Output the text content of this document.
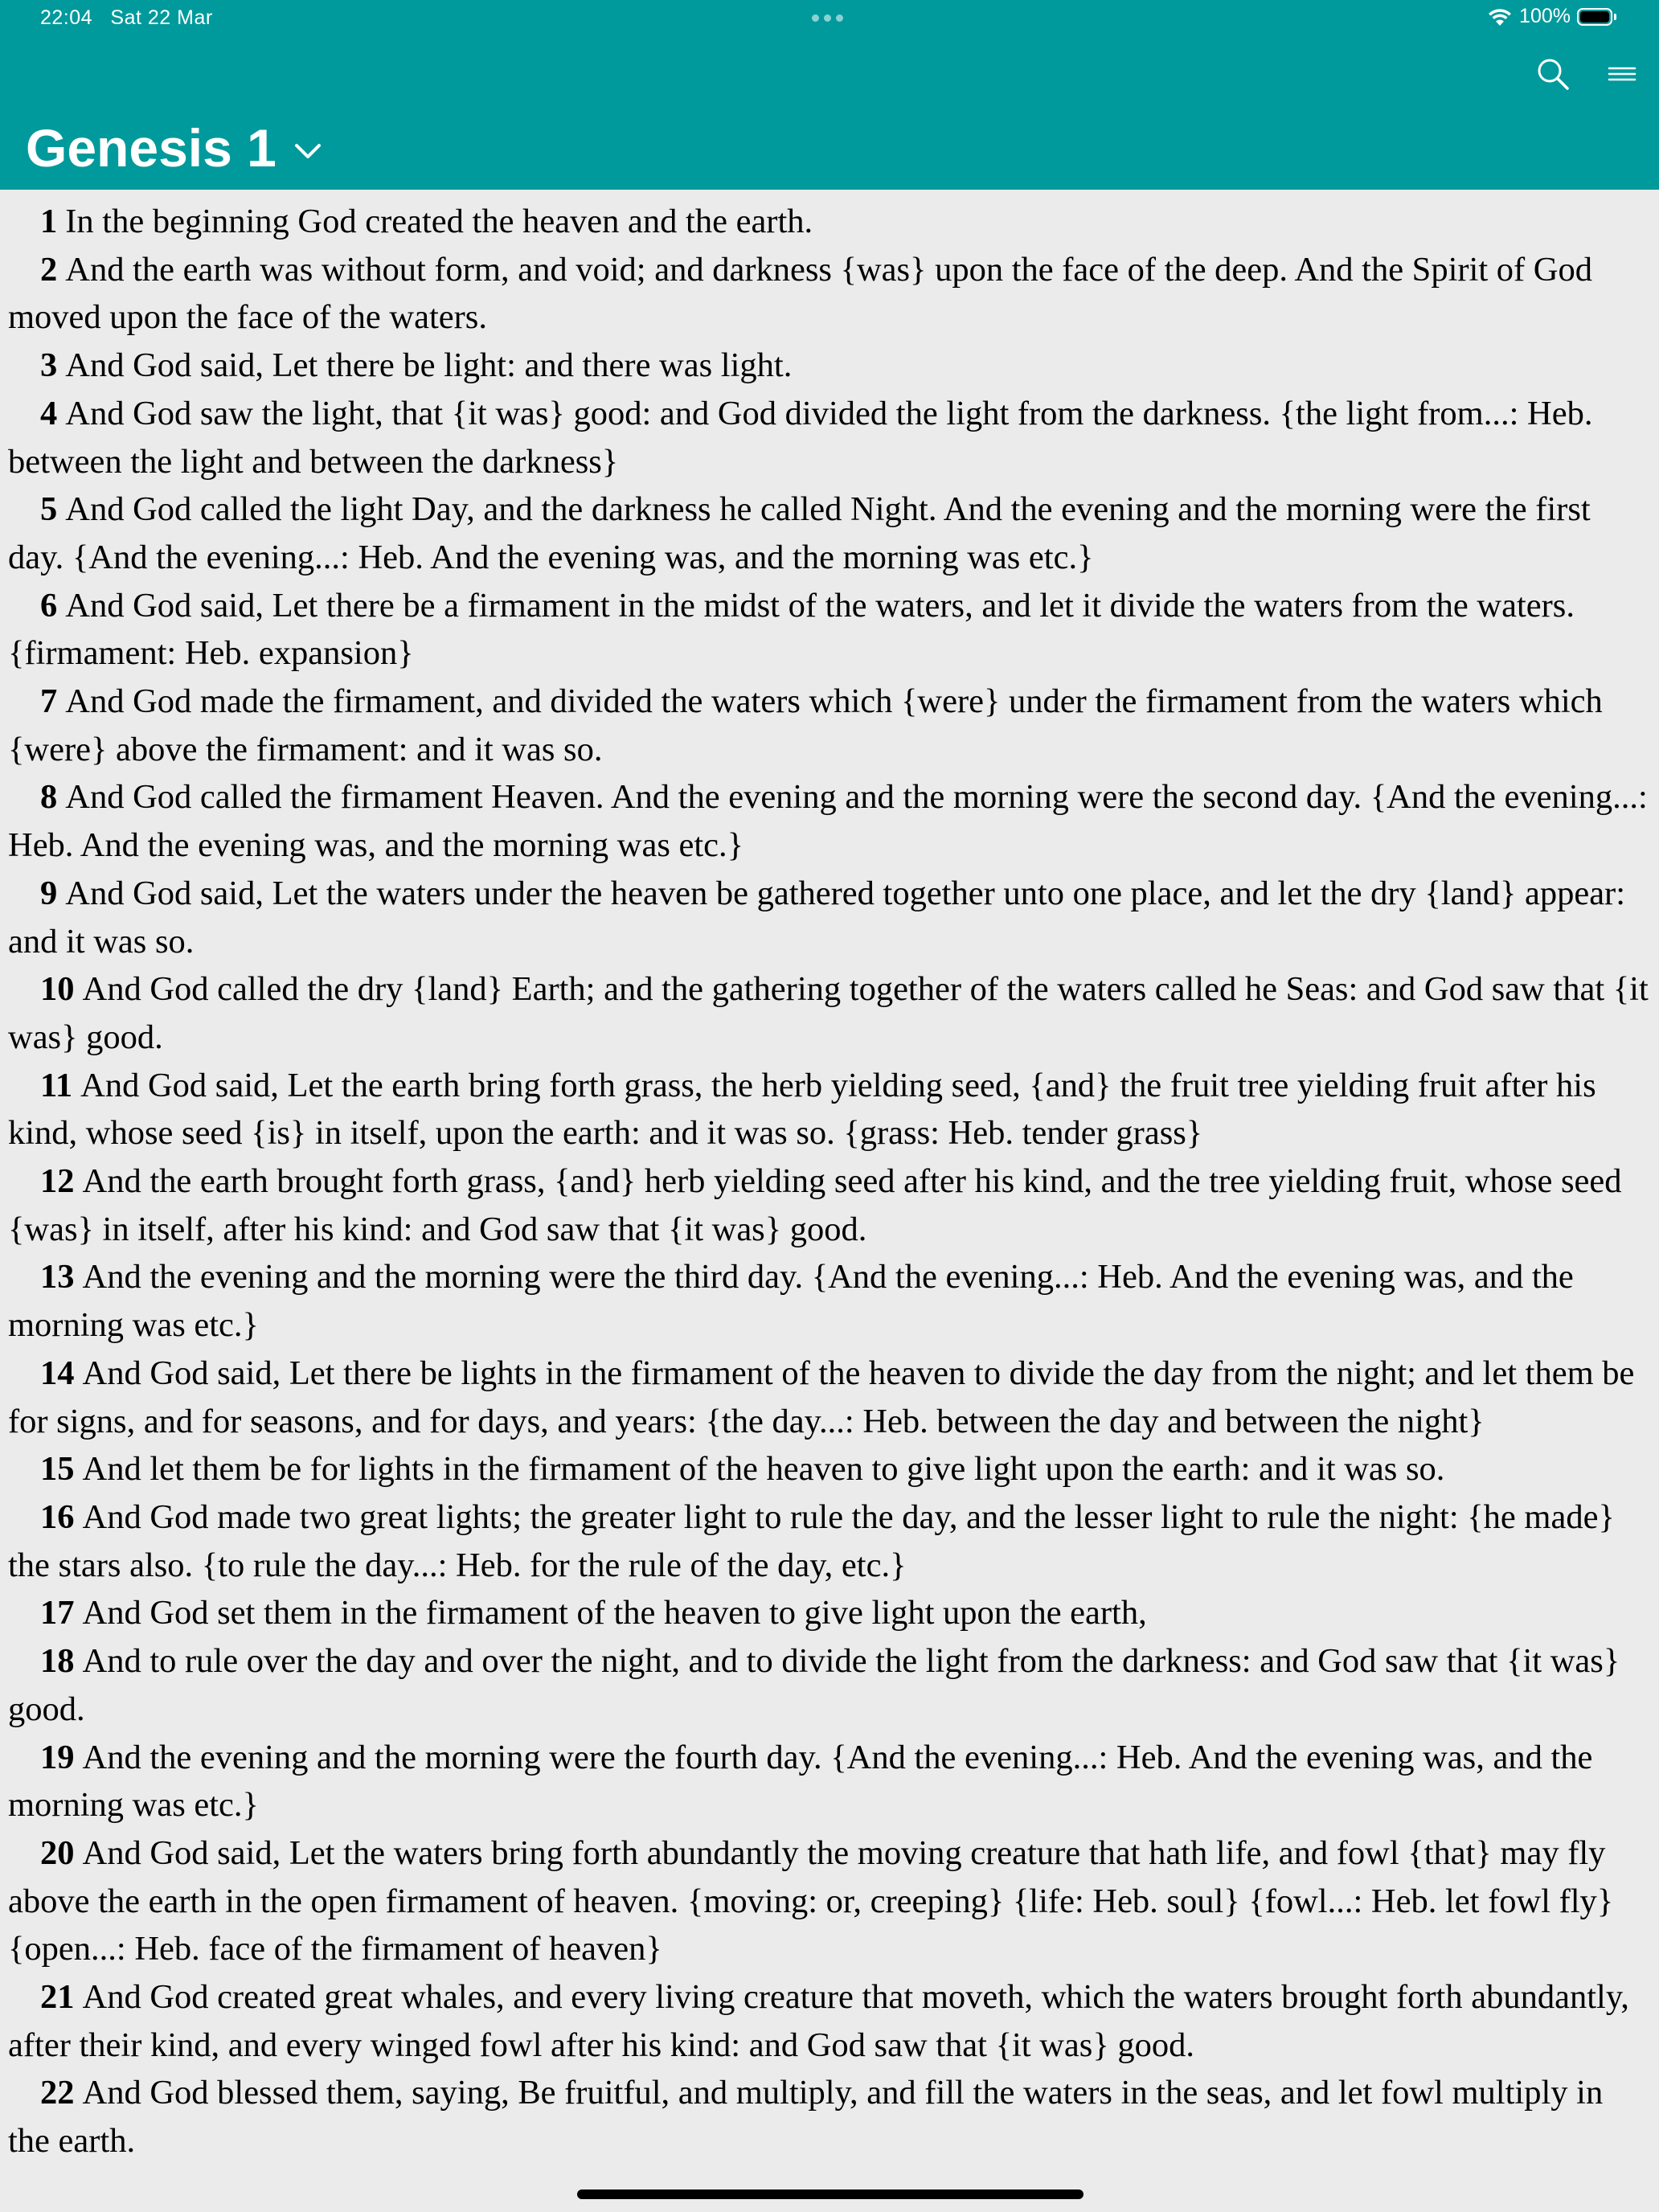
22:04 Sat 22 Mar	100%
Genesis 1

1 In the beginning God created the heaven and the earth.

2 And the earth was without form, and void; and darkness {was} upon the face of the deep. And the Spirit of God moved upon the face of the waters.

3 And God said, Let there be light: and there was light.

4 And God saw the light, that {it was} good: and God divided the light from the darkness. {the light from...: Heb. between the light and between the darkness}

5 And God called the light Day, and the darkness he called Night. And the evening and the morning were the first day. {And the evening...: Heb. And the evening was, and the morning was etc.}

6 And God said, Let there be a firmament in the midst of the waters, and let it divide the waters from the waters. {firmament: Heb. expansion}

7 And God made the firmament, and divided the waters which {were} under the firmament from the waters which {were} above the firmament: and it was so.

8 And God called the firmament Heaven. And the evening and the morning were the second day. {And the evening...: Heb. And the evening was, and the morning was etc.}

9 And God said, Let the waters under the heaven be gathered together unto one place, and let the dry {land} appear: and it was so.

10 And God called the dry {land} Earth; and the gathering together of the waters called he Seas: and God saw that {it was} good.

11 And God said, Let the earth bring forth grass, the herb yielding seed, {and} the fruit tree yielding fruit after his kind, whose seed {is} in itself, upon the earth: and it was so. {grass: Heb. tender grass}

12 And the earth brought forth grass, {and} herb yielding seed after his kind, and the tree yielding fruit, whose seed {was} in itself, after his kind: and God saw that {it was} good.

13 And the evening and the morning were the third day. {And the evening...: Heb. And the evening was, and the morning was etc.}

14 And God said, Let there be lights in the firmament of the heaven to divide the day from the night; and let them be for signs, and for seasons, and for days, and years: {the day...: Heb. between the day and between the night}

15 And let them be for lights in the firmament of the heaven to give light upon the earth: and it was so.

16 And God made two great lights; the greater light to rule the day, and the lesser light to rule the night: {he made} the stars also. {to rule the day...: Heb. for the rule of the day, etc.}

17 And God set them in the firmament of the heaven to give light upon the earth,

18 And to rule over the day and over the night, and to divide the light from the darkness: and God saw that {it was} good.

19 And the evening and the morning were the fourth day. {And the evening...: Heb. And the evening was, and the morning was etc.}

20 And God said, Let the waters bring forth abundantly the moving creature that hath life, and fowl {that} may fly above the earth in the open firmament of heaven. {moving: or, creeping} {life: Heb. soul} {fowl...: Heb. let fowl fly} {open...: Heb. face of the firmament of heaven}

21 And God created great whales, and every living creature that moveth, which the waters brought forth abundantly, after their kind, and every winged fowl after his kind: and God saw that {it was} good.

22 And God blessed them, saying, Be fruitful, and multiply, and fill the waters in the seas, and let fowl multiply in the earth.
